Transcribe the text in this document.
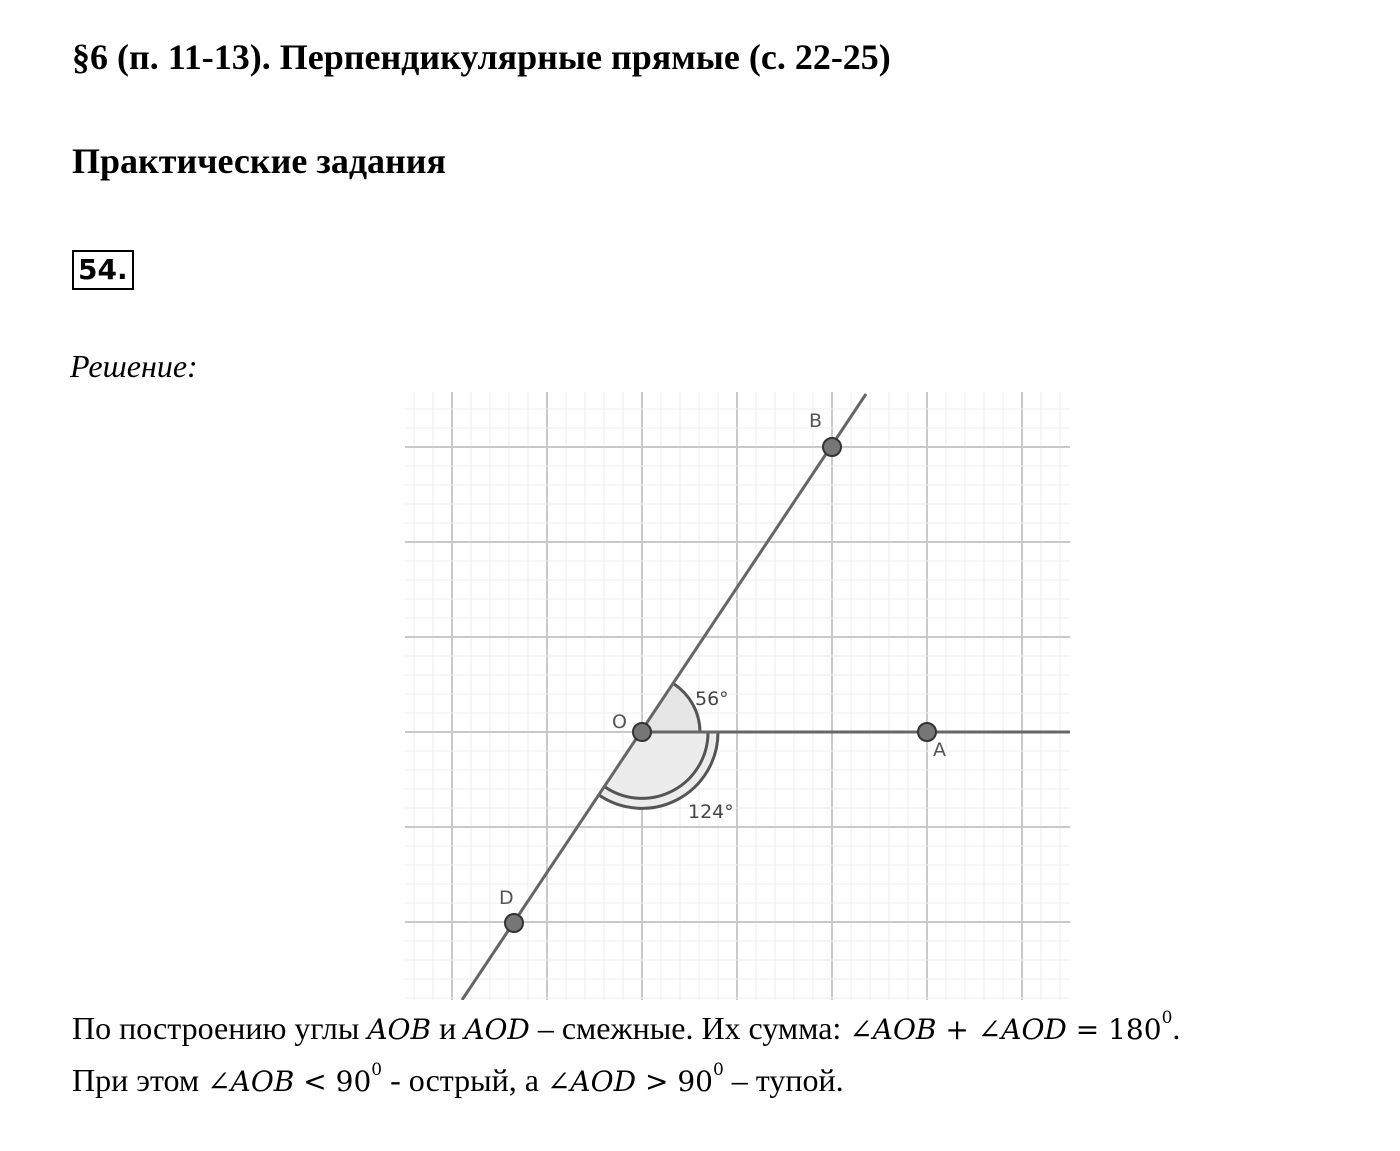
§6 (п. 11-13). Перпендикулярные прямые (с. 22-25)
Практические задания
54.
Решение:
O
A
B
D
56°
124°
По построению углы AOB и AOD – смежные. Их сумма: ∠AOB + ∠AOD = $180^0$.
При этом ∠AOB < $90^0$ - острый, а ∠AOD > $90^0$ – тупой.
